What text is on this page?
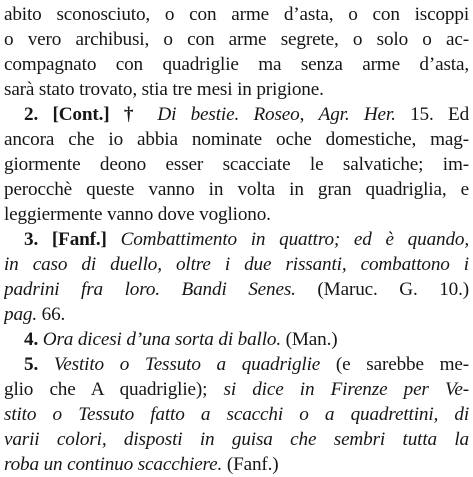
abito sconosciuto, o con arme d’asta, o con iscoppi
o vero archibusi, o con arme segrete, o solo o ac-
compagnato con quadriglie ma senza arme d’asta,
sarà stato trovato, stia tre mesi in prigione.
2. [Cont.] † Di bestie. Roseo, Agr. Her. 15. Ed
ancora che io abbia nominate oche domestiche, mag-
giormente deono esser scacciate le salvatiche; im-
perocchè queste vanno in volta in gran quadriglia, e
leggiermente vanno dove vogliono.
3. [Fanf.] Combattimento in quattro; ed è quando,
in caso di duello, oltre i due rissanti, combattono i
padrini fra loro. Bandi Senes. (Maruc. G. 10.)
pag. 66.
4. Ora dicesi d’una sorta di ballo. (Man.)
5. Vestito o Tessuto a quadriglie (e sarebbe me-
glio che A quadriglie); si dice in Firenze per Ve-
stito o Tessuto fatto a scacchi o a quadrettini, di
varii colori, disposti in guisa che sembri tutta la
roba un continuo scacchiere. (Fanf.)
